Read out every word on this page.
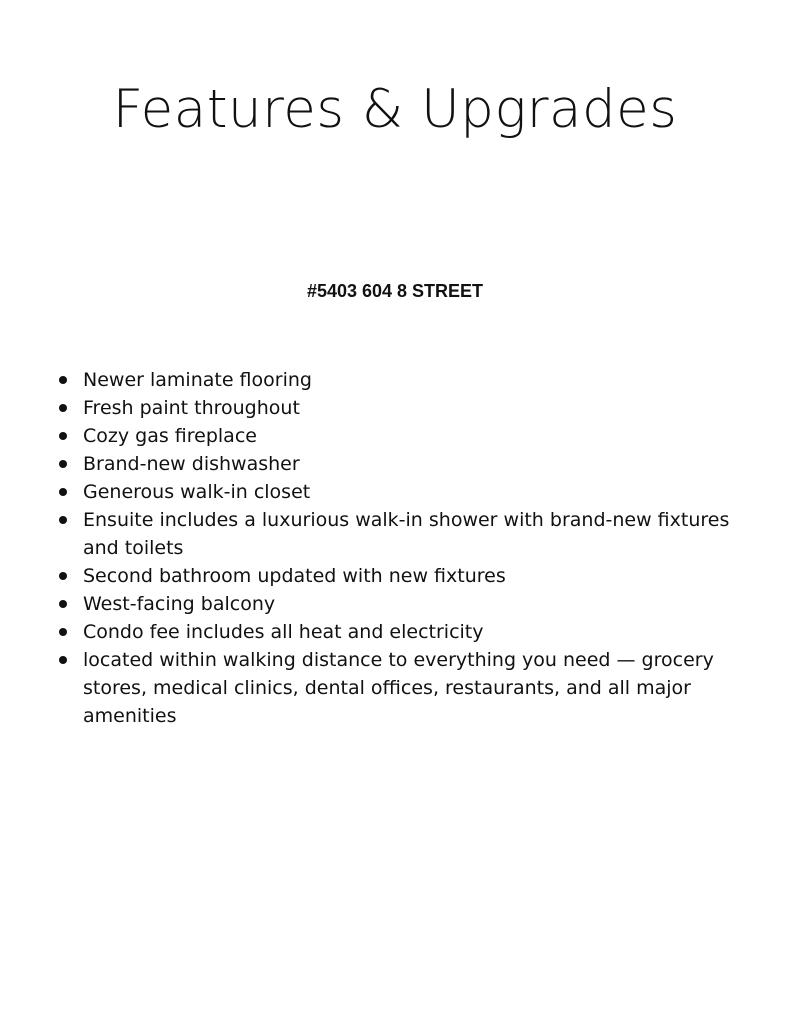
Features & Upgrades
#5403 604 8 STREET
Newer laminate flooring
Fresh paint throughout
Cozy gas fireplace
Brand-new dishwasher
Generous walk-in closet
Ensuite includes a luxurious walk-in shower with brand-new fixtures and toilets
Second bathroom updated with new fixtures
West-facing balcony
Condo fee includes all heat and electricity
located within walking distance to everything you need — grocery stores, medical clinics, dental offices, restaurants, and all major amenities
